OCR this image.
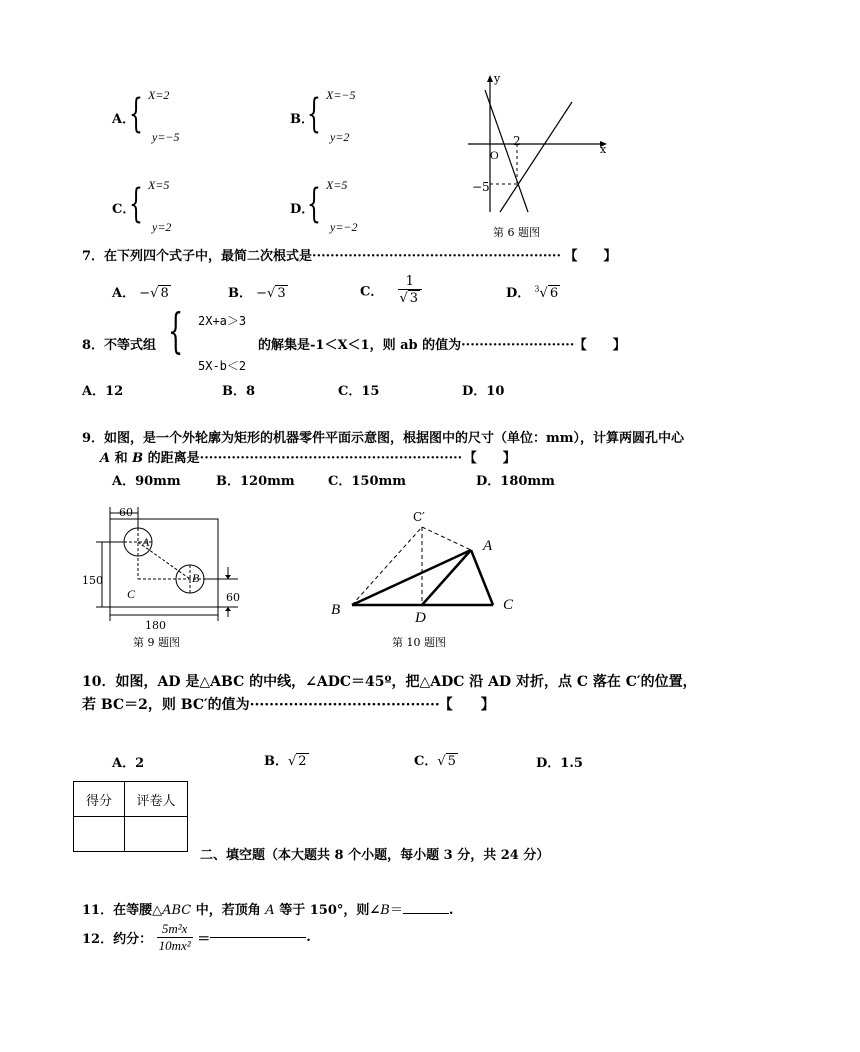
A．
{ X=2
y=−5
B．
{ X=−5
y=2
C．
{ X=5
y=2
D．
{ X=5
y=−2
x
y
O
2
−5
第 6 题图
7．在下列四个式子中，最简二次根式是······················································· 【　　】
A． −√ 8	B． −√ 3	C． $\frac{1}{√ 3}$	D． $^3$√ 6
8．不等式组 { 2X+a＞3
5X-b＜2
的解集是-1＜X＜1，则 ab 的值为························· 【　　】
A．12	B．8	C．15	D．10
9．如图，是一个外轮廓为矩形的机器零件平面示意图，根据图中的尺寸（单位：mm），计算两圆孔中心
A 和 B 的距离是·························································· 【　　】
A．90mm	B．120mm	C．150mm	D．180mm
60
150
180
60
A
B
C
第 9 题图
C′
A
B	C
D
第 10 题图
10．如图，AD 是△ABC 的中线，∠ADC＝45º，把△ADC 沿 AD 对折，点 C 落在 C′的位置，
若 BC＝2，则 BC′的值为······································· 【　　】
A．2	B．√ 2	C．√ 5	D．1.5
得分	评卷人

二、填空题（本大题共 8 个小题，每小题 3 分，共 24 分）
11．在等腰△ABC 中，若顶角 A 等于 150°，则∠B＝	.
12．约分： $\frac{\text{5m²x}}{\text{10mx²}}$ ＝	.
